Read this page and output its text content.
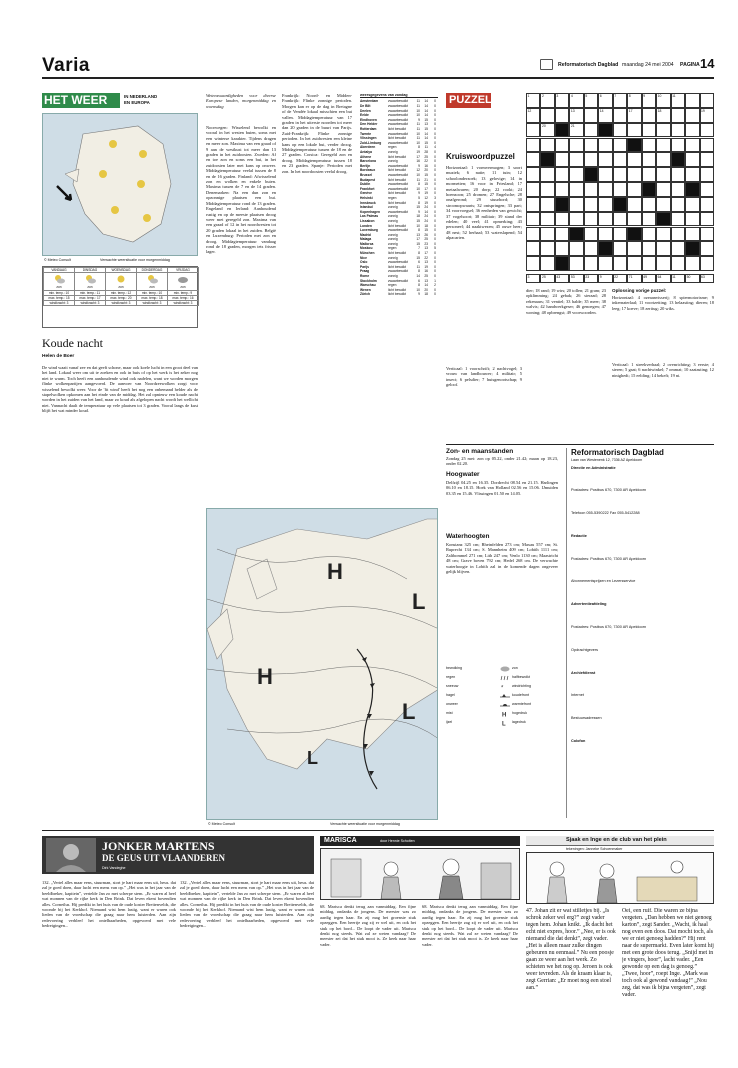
Varia	Reformatorisch Dagblad maandag 24 mei 2004 PAGINA 14
HET WEER	IN NEDERLAND
EN EUROPA
© Meteo Consult	Verwachte weersituatie voor morgenmiddag
VANDAAG	DINSDAG	WOENSDAG	DONDERDAG	VRIJDAG

zon	zon	zon	zon	zon

min. temp.: 10	min. temp.: 11	min. temp.: 12	min. temp.: 10	min. temp.: 9
max. temp.: 15	max. temp.: 17	max. temp.: 20	max. temp.: 18	max. temp.: 16
windkracht: 3	windkracht: 3	windkracht: 3	windkracht: 3	windkracht: 3
Koude nacht
Helen de Boer
De wind waait vanaf zee en dat geeft schone, maar ook koele lucht in een groot deel van het land. Lokaal weer om uit te zoeken en ook in buis of op het werk is het zeker nog niet te warm. Toch heeft een aanhoudende wind ook nadelen, want we worden morgen flinke wolkenpartijen aangevoerd. De aanvoer van Noordzeewolken zorgt voor wisselend bewolkt weer. Voor de 'fit wind' heeft het nog een onbemand helder als de stapelwolken opkomen aan het einde van de middag. Het zal opnieuw een koude nacht worden in het zuiden van het land, maar zo koud als afgelopen nacht wordt het wellicht niet. Vannacht daalt de temperatuur op vele plaatsen tot 3 graden. Vooral langs de kust blijft het wat minder koud.
Wetenswaardigheden voor diverse Europese landen, morgenmiddag en woensdag
Noorwegen: Wisselend bewolkt en vooral in het westen buien, soms met een winterse karakter. Tijdens dragen en meer zon. Maxima van een graad of 9 aan de westkust tot meer dan 13 graden in het zuidoosten. Zweden: Af en toe zon en soms een bui, in het zuidoosten later met kans op onweer. Middagtemperatuur veelal tussen de 8 en de 16 graden. Finland: Afwisselend zon en wolken en enkele buien. Maxima tussen de 7 en de 14 graden. Denemarken: Na een dun zon en opzonnige plaatsen een bui. Middagtemperatuur rond de 13 graden. Engeland en Ierland: Aanhoudend rustig en op de meeste plaatsen droog weer met geregeld zon. Maxima van een graad of 12 in het noordwesten tot 20 graden lokaal in het zuiden. België en Luxemburg: Perioden met zon en droog. Middagtemperatuur vandaag rond de 18 graden, morgen iets frisser lager.
Frankrijk: Noord- en Midden-Frankrijk: Flinke zonnige perioden. Morgen kan er op de dag in Bretagne of de Vendée lokaal misschien een bui vallen. Middagtemperatuur van 17 graden in het uiterste noorden tot meer dan 20 graden in de buurt van Parijs. Zuid-Frankrijk: Flinke zonnige perioden. In het zuidwesten een kleine kans op een lokale bui, verder droog. Middagtemperatuur tussen de 18 en de 27 graden. Corsica: Geregeld zon en droog. Middagtemperatuur tussen 18 en 23 graden. Spanje: Perioden met zon. In het noordoosten veelal droog.
weersgegevens van zondag
Amsterdam	zwaarbewolkt	11	14	0
De Bilt	zwaarbewolkt	11	14	0
Deelen	zwaarbewolkt	10	14	0
Eelde	zwaarbewolkt	10	14	0
Eindhoven	zwaarbewolkt	9	15	0
Den Helder	zwaarbewolkt	11	13	0
Rotterdam	licht bewolkt	11	15	0
Twente	zwaarbewolkt	10	14	0
Vlissingen	licht bewolkt	11	14	0
Zuid-Limburg	zwaarbewolkt	10	15	0
Aberdeen	regen	8	11	4
Antalya	zonnig	19	28	0
Athene	licht bewolkt	17	25	0
Barcelona	zonnig	16	22	0
Berlijn	zwaarbewolkt	9	16	0
Bordeaux	licht bewolkt	12	20	0
Brussel	zwaarbewolkt	10	15	0
Budapest	licht bewolkt	11	21	0
Dublin	zwaarbewolkt	8	15	0
Frankfort	zwaarbewolkt	10	17	0
Genève	licht bewolkt	9	19	0
Helsinki	regen	5	12	3
Innsbruck	licht bewolkt	8	19	0
Istanbul	zonnig	15	24	0
Kopenhagen	zwaarbewolkt	9	14	0
Las Palmas	zonnig	18	24	0
Lissabon	zonnig	15	24	0
Londen	licht bewolkt	10	18	0
Luxemburg	zwaarbewolkt	8	15	0
Madrid	zonnig	13	26	0
Malaga	zonnig	17	25	0
Mallorca	zonnig	15	23	0
Moskou	regen	7	13	5
München	licht bewolkt	8	17	0
Nice	zonnig	15	22	0
Oslo	zwaarbewolkt	6	13	0
Parijs	licht bewolkt	11	19	0
Praag	zwaarbewolkt	8	16	0
Rome	zonnig	14	25	0
Stockholm	zwaarbewolkt	6	13	1
Warschau	regen	8	14	2
Wenen	licht bewolkt	10	20	0
Zürich	licht bewolkt	9	18	0
H
H
L
L
L
© Meteo Consult	Verwachte weersituatie voor morgenmiddag
PUZZEL
Kruiswoordpuzzel
Horizontaal: 1 vormvermogen; 3 soort muziek; 6 natie; 11 tuin; 12 schoolonderzoek; 13 gelovige; 14 in mormetten; 16 voor in Friesland; 17 metaalwaren; 20 dorp; 22 rookt; 24 hoenzoon; 25 dromen; 27 Engelsche; 28 onafgerond; 29 stuurbord; 30 stroomopwaarts; 32 ontspringen; 33 part; 34 voorvoegsel; 36 eenheden van gewicht; 37 vogelsoort; 38 militair; 39 stand der edelen; 40 veel; 41 opmerking; 43 personeel; 44 naaktwezen; 45 ouwe heer; 48 nest; 52 herhaal; 53 waterslapend; 54 alpacarten.
Verticaal: 1 voorschrift; 2 nachtvogel; 3 vrouw van landbouwer; 4 militair; 5 insect; 6 pelsdier; 7 huisgenootschap; 9 geloof.
1	2	3	4	5	6	7	8	9	10	11
12	13	14	17	18	19
20	21
3	25	43	53	23	9	22	71	49	64	11	50	63
dier; 18 rand; 19 wirs; 20 tollen; 21 gram; 23 opklimming; 24 gebak; 26 sieraad; 28 rekenaars; 31 ventiel; 33 balde; 35 meer; 38 walvis; 42 handwerkgeser; 46 genoegen; 47 woning; 48 opbrengst; 49 voorwoorden.
Oplossing vorige puzzel:
Horizontaal: 4 ozeaanvisserij; 8 spiermotorisme; 9 inkernaterlaal; 11 voortzetting; 13 helaasting; dieren; 18 leeg; 17 koeve; 18 zeritug; 20 wiks.
Verticaal: 1 streekverhaal; 2 ovenrichting; 3 eerste; 4 sieren; 5 gaat; 6 nachtwinkel; 7 ommat; 10 zaatasting; 12 ninighedt; 15 eelding; 14 bekeft; 19 ni.
Zon- en maanstanden
Zondag 25 mei: zon op 05.22, onder 21.42; maan op 18.23, onder 02.20.
Hoogwater
Delfzijl 04.25 en 16.35. Dordrecht 08.54 en 21.15. Harlingen 06.10 en 18.15. Hoek van Holland 02.56 en 15.06. IJmuiden 03.35 en 15.46. Vlissingen 01.50 en 14.05.
Waterhoogten
Konstanz 325 cm; Rheinfelden 273 cm; Maxau 557 cm; St. Ruprecht 134 cm; S. Mannheim 409 cm; Lobith 1111 cm; Zaltbommel 271 cm; Lith 247 cm; Venlo 1130 cm; Maastricht 48 cm; Grave boven 792 cm; Hedel 268 cm. De verwachte waterhoogte in Lobith zal in de komende dagen ongeveer gelijk blijven.
bewolking	zon
regen	halfbewolkt
sneeuw	* windrichting
hagel	koudefront
onweer	warmtefront
mist	H hogedruk
ijzel	L lagedruk
Reformatorisch Dagblad
Laan van Westenenk 12, 7336 AZ Apeldoorn
Directie en Administratie
Postadres: Postbus 670, 7300 AR Apeldoorn
Telefoon 055-5390222 Fax 055-5412288
Redactie
Postadres: Postbus 670, 7300 AR Apeldoorn
Abonnementsprijzen en Lezersservice
Advertentieafdeling
Postadres: Postbus 670, 7300 AR Apeldoorn
Opdrachtgevers
Archiefdienst
Internet
Bestuursadressen
Colofon
JONKER MARTENS
DE GEUS UIT VLAANDEREN
Dirk Vandeghe
132. „Vertel alles maar eens, stuurman, stort je hart maar eens uit, heus. dat zal je goed doen, daar lucht een mens van op.” „Het was in het jaar van de beeldbreker, kapitein”, vertelde Jan zo met scherpe stem. „Er waren al heel wat monnen van de rijke kerk in Den Brink. Dat leven ekent bovendien alles. Corneilus. Hij predikt in het huis van de oude koster Breitenvelds, die woonde bij het Kerkhof. Niemand wist hem lastig, want er waren ook lieden van de vroedschap die graag naar hem luisterden. Aan zijn redevoering verbleef het ontelbaarheden, opgevoerd met vele bedreigingen...
132. „Vertel alles maar eens, stuurman, stort je hart maar eens uit, heus. dat zal je goed doen, daar lucht een mens van op.” „Het was in het jaar van de beeldbreker, kapitein”, vertelde Jan zo met scherpe stem. „Er waren al heel wat monnen van de rijke kerk in Den Brink. Dat leven ekent bovendien alles. Corneilus. Hij predikt in het huis van de oude koster Breitenvelds, die woonde bij het Kerkhof. Niemand wist hem lastig, want er waren ook lieden van de vroedschap die graag naar hem luisterden. Aan zijn redevoering verbleef het ontelbaarheden, opgevoerd met vele bedreigingen...
MARISCA	door Hennie Scholten
68. Marisca denkt terug aan vanmiddag. Een fijne middag, ondanks de jongens. De meester was zo aardig tegen haar. En zij mag het groenste stuk opzeggen. Een heertje zag zij er wel uit, en ook het stuk op het bord... De loopt de vader uit. Marisca denkt nog steeds. Wat zal ze weten vandaag? De meester zei dat het stuk mooi is. Ze keek naar haar vader.
68. Marisca denkt terug aan vanmiddag. Een fijne middag, ondanks de jongens. De meester was zo aardig tegen haar. En zij mag het groenste stuk opzeggen. Een heertje zag zij er wel uit, en ook het stuk op het bord... De loopt de vader uit. Marisca denkt nog steeds. Wat zal ze weten vandaag? De meester zei dat het stuk mooi is. Ze keek naar haar vader.
Sjaak en Inge en de club van het plein
tekeningen: Janneke Schoenmaker
47. Johan zit er wat stilletjes bij. „Is schrok zeker wel erg?” zegt vader tegen hem. Johan knikt. „Ik dacht het echt niet expres, hoor.” „Nee, er is ook niemand die dat denkt”, zegt vader. „Het is alleen maar zulke dingen gebeuren nu eenmaal.” Nu een poosje gaan ze weer aan het werk. Zo schieten we het nog op. Jeroen is ook weer tevreden. Als de kraam klaar is, zegt Gerrian: „Er moet nog een stoel aan.”
Oei, een ruif. Die waren ze bijna vergeten. „Dan hebben we niet genoeg karton”, zegt Sander. „Wacht, ik haal nog even een doos. Dat mocht toch, als we er niet genoeg hadden?” Hij rent naar de supermarkt. Even later komt hij met een grote doos terug. „Snijd met in je vingers, hoor”, lacht vader. „Een gewonde op een dag is genoeg.” „Twee, hoor”, roept Inge. „Mark was toch ook al gewond vandaag!” „Nou zeg, dat was ik bijna vergeten”, zegt vader.
